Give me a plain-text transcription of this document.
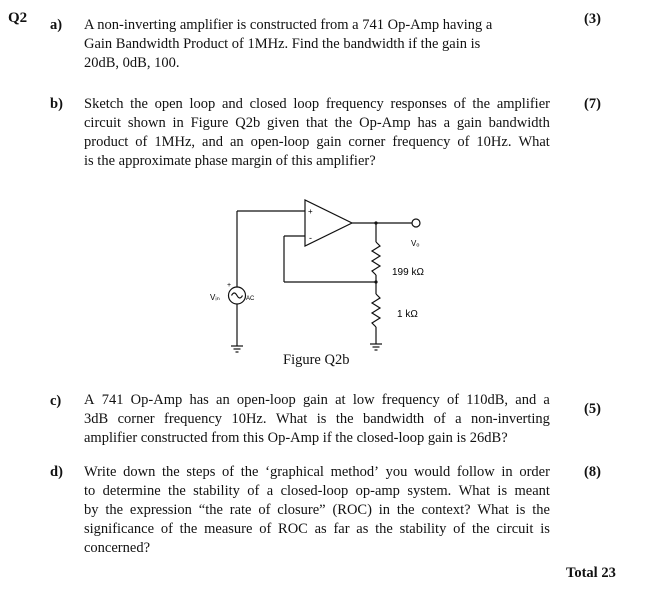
Q2 a)	(3)
A non-inverting amplifier is constructed from a 741 Op-Amp having a
Gain Bandwidth Product of 1MHz. Find the bandwidth if the gain is
20dB, 0dB, 100.
b)	(7)
Sketch the open loop and closed loop frequency responses of the amplifier
circuit shown in Figure Q2b given that the Op-Amp has a gain bandwidth
product of 1MHz, and an open-loop gain corner frequency of 10Hz. What
is the approximate phase margin of this amplifier?
+
-
Vₒ
Vᵢₙ	AC
+
199 kΩ
1 kΩ
Figure Q2b
c)	(5)
A 741 Op-Amp has an open-loop gain at low frequency of 110dB, and a
3dB corner frequency 10Hz. What is the bandwidth of a non-inverting
amplifier constructed from this Op-Amp if the closed-loop gain is 26dB?
d)	(8)
Write down the steps of the ‘graphical method’ you would follow in order
to determine the stability of a closed-loop op-amp system. What is meant
by the expression “the rate of closure” (ROC) in the context? What is the
significance of the measure of ROC as far as the stability of the circuit is
concerned?
Total 23
